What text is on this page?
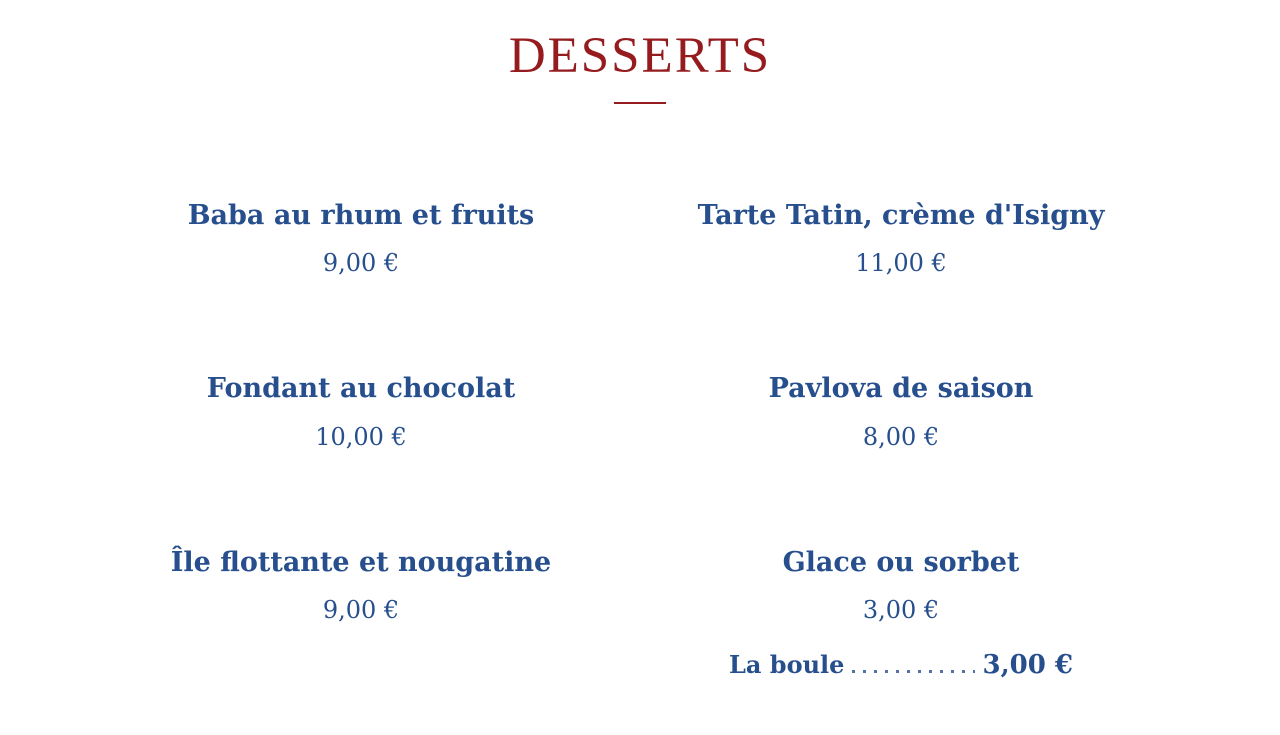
DESSERTS
Baba au rhum et fruits

9,00 €

Tarte Tatin, crème d'Isigny

11,00 €

Fondant au chocolat

10,00 €

Pavlova de saison

8,00 €

Île flottante et nougatine

9,00 €

Glace ou sorbet

3,00 €

La boule	3,00 €
